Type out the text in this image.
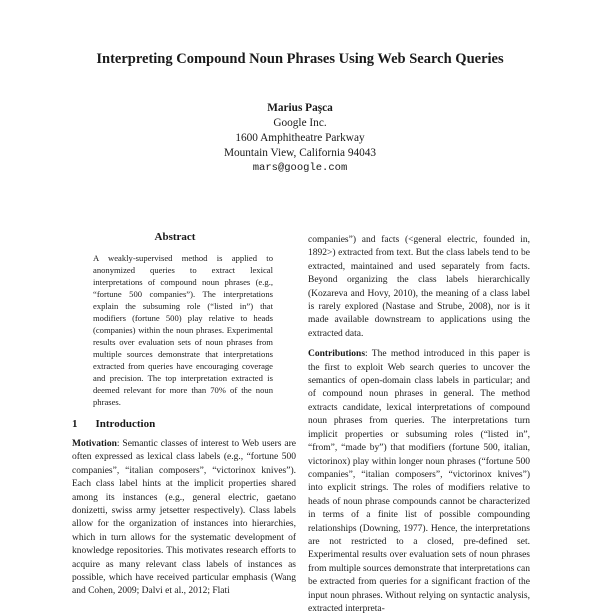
Interpreting Compound Noun Phrases Using Web Search Queries
Marius Paşca
Google Inc.
1600 Amphitheatre Parkway
Mountain View, California 94043
mars@google.com
Abstract
A weakly-supervised method is applied to anonymized queries to extract lexical interpretations of compound noun phrases (e.g., “fortune 500 companies”). The interpretations explain the subsuming role (“listed in”) that modifiers (fortune 500) play relative to heads (companies) within the noun phrases. Experimental results over evaluation sets of noun phrases from multiple sources demonstrate that interpretations extracted from queries have encouraging coverage and precision. The top interpretation extracted is deemed relevant for more than 70% of the noun phrases.
1 Introduction

Motivation: Semantic classes of interest to Web users are often expressed as lexical class labels (e.g., “fortune 500 companies”, “italian composers”, “victorinox knives”). Each class label hints at the implicit properties shared among its instances (e.g., general electric, gaetano donizetti, swiss army jetsetter respectively). Class labels allow for the organization of instances into hierarchies, which in turn allows for the systematic development of knowledge repositories. This motivates research efforts to acquire as many relevant class labels of instances as possible, which have received particular emphasis (Wang and Cohen, 2009; Dalvi et al., 2012; Flati

companies”) and facts (<general electric, founded in, 1892>) extracted from text. But the class labels tend to be extracted, maintained and used separately from facts. Beyond organizing the class labels hierarchically (Kozareva and Hovy, 2010), the meaning of a class label is rarely explored (Nastase and Strube, 2008), nor is it made available downstream to applications using the extracted data.

Contributions: The method introduced in this paper is the first to exploit Web search queries to uncover the semantics of open-domain class labels in particular; and of compound noun phrases in general. The method extracts candidate, lexical interpretations of compound noun phrases from queries. The interpretations turn implicit properties or subsuming roles (“listed in”, “from”, “made by”) that modifiers (fortune 500, italian, victorinox) play within longer noun phrases (“fortune 500 companies”, “italian composers”, “victorinox knives”) into explicit strings. The roles of modifiers relative to heads of noun phrase compounds cannot be characterized in terms of a finite list of possible compounding relationships (Downing, 1977). Hence, the interpretations are not restricted to a closed, pre-defined set. Experimental results over evaluation sets of noun phrases from multiple sources demonstrate that interpretations can be extracted from queries for a significant fraction of the input noun phrases. Without relying on syntactic analysis, extracted interpreta-
